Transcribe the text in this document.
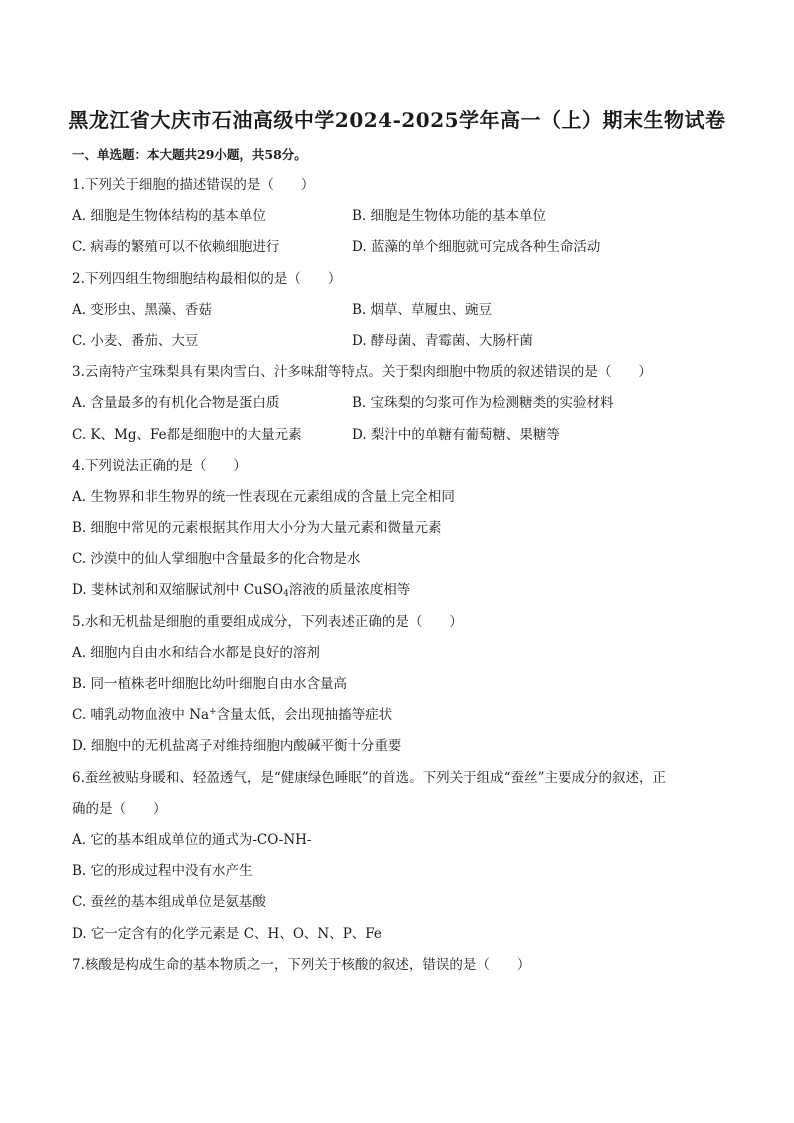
黑龙江省大庆市石油高级中学2024-2025学年高一（上）期末生物试卷
一、单选题：本大题共29小题，共58分。
1.下列关于细胞的描述错误的是（　　）
A. 细胞是生物体结构的基本单位	B. 细胞是生物体功能的基本单位
C. 病毒的繁殖可以不依赖细胞进行	D. 蓝藻的单个细胞就可完成各种生命活动
2.下列四组生物细胞结构最相似的是（　　）
A. 变形虫、黑藻、香菇	B. 烟草、草履虫、豌豆
C. 小麦、番茄、大豆	D. 酵母菌、青霉菌、大肠杆菌
3.云南特产宝珠梨具有果肉雪白、汁多味甜等特点。关于梨肉细胞中物质的叙述错误的是（　　）
A. 含量最多的有机化合物是蛋白质	B. 宝珠梨的匀浆可作为检测糖类的实验材料
C. K、Mg、Fe都是细胞中的大量元素	D. 梨汁中的单糖有葡萄糖、果糖等
4.下列说法正确的是（　　）
A. 生物界和非生物界的统一性表现在元素组成的含量上完全相同
B. 细胞中常见的元素根据其作用大小分为大量元素和微量元素
C. 沙漠中的仙人掌细胞中含量最多的化合物是水
D. 斐林试剂和双缩脲试剂中 CuSO$_4$溶液的质量浓度相等
5.水和无机盐是细胞的重要组成成分，下列表述正确的是（　　）
A. 细胞内自由水和结合水都是良好的溶剂
B. 同一植株老叶细胞比幼叶细胞自由水含量高
C. 哺乳动物血液中 Na+含量太低，会出现抽搐等症状
D. 细胞中的无机盐离子对维持细胞内酸碱平衡十分重要
6.蚕丝被贴身暖和、轻盈透气，是“健康绿色睡眠”的首选。下列关于组成“蚕丝”主要成分的叙述，正
确的是（　　）
A. 它的基本组成单位的通式为-CO-NH-
B. 它的形成过程中没有水产生
C. 蚕丝的基本组成单位是氨基酸
D. 它一定含有的化学元素是 C、H、O、N、P、Fe
7.核酸是构成生命的基本物质之一，下列关于核酸的叙述，错误的是（　　）
